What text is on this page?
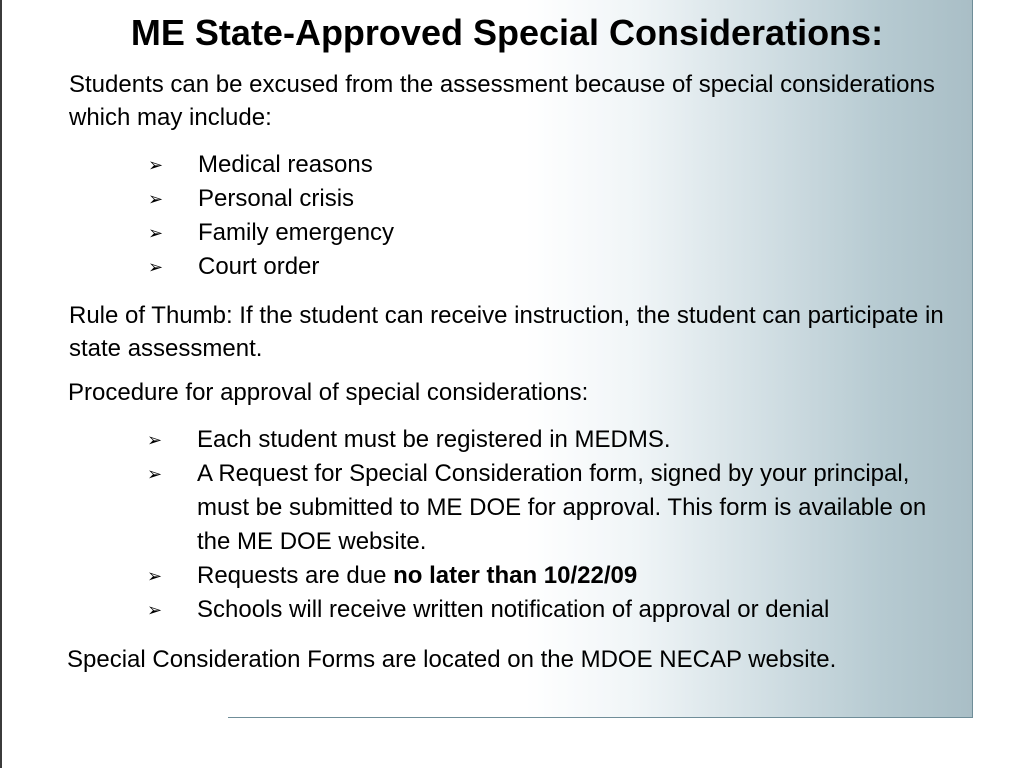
ME State-Approved Special Considerations:

Students can be excused from the assessment because of special considerations which may include:

➢ Medical reasons
➢ Personal crisis
➢ Family emergency
➢ Court order

Rule of Thumb: If the student can receive instruction, the student can participate in state assessment.

Procedure for approval of special considerations:

➢ Each student must be registered in MEDMS.
➢ A Request for Special Consideration form, signed by your principal, must be submitted to ME DOE for approval. This form is available on the ME DOE website.
➢ Requests are due no later than 10/22/09
➢ Schools will receive written notification of approval or denial

Special Consideration Forms are located on the MDOE NECAP website.
